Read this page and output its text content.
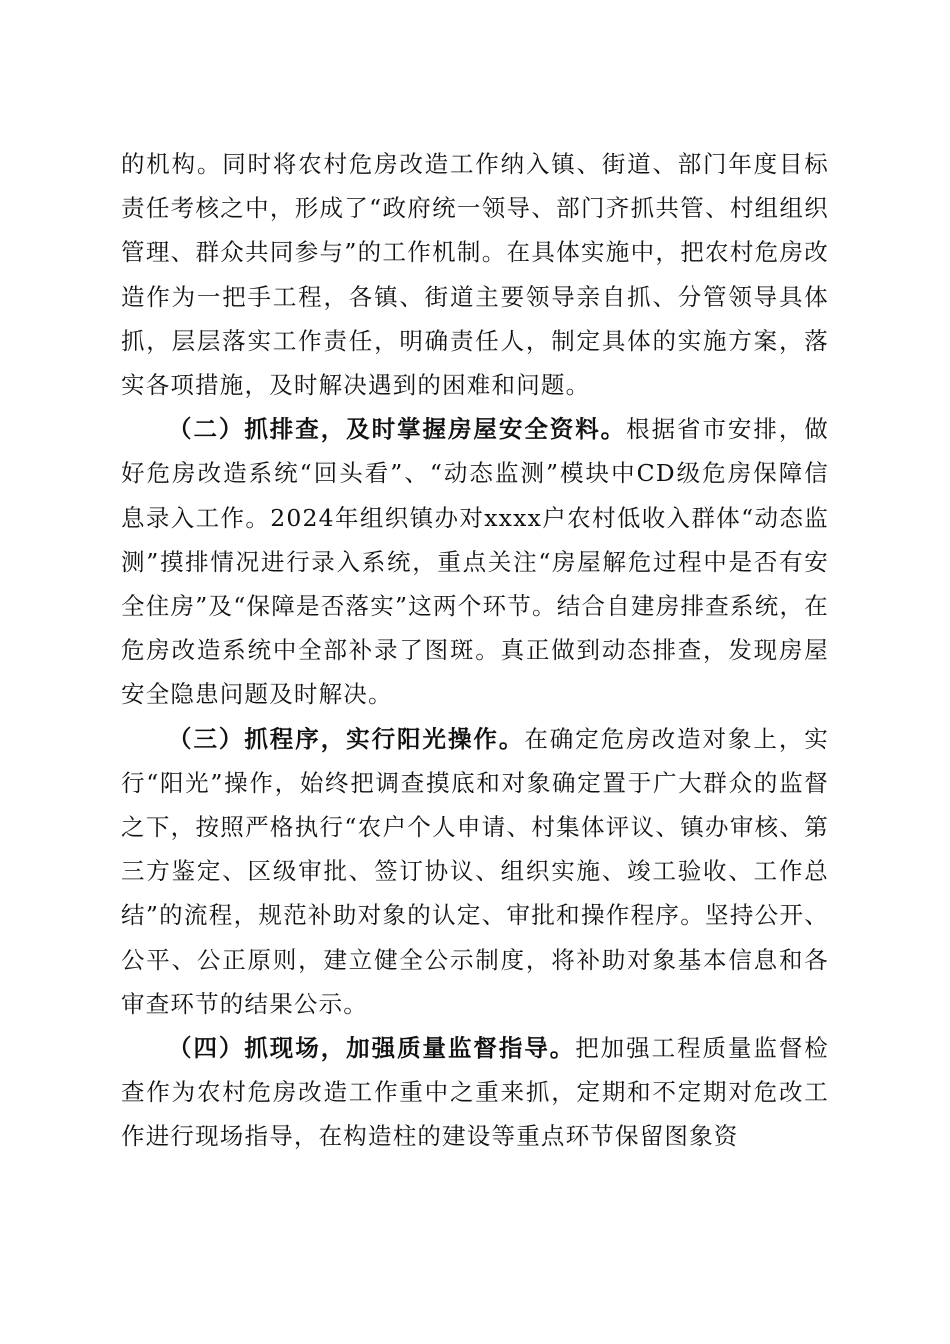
的机构。同时将农村危房改造工作纳入镇、街道、部门年度目标责任考核之中，形成了“政府统一领导、部门齐抓共管、村组组织管理、群众共同参与”的工作机制。在具体实施中，把农村危房改造作为一把手工程，各镇、街道主要领导亲自抓、分管领导具体抓，层层落实工作责任，明确责任人，制定具体的实施方案，落实各项措施，及时解决遇到的困难和问题。

（二）抓排查，及时掌握房屋安全资料。根据省市安排，做好危房改造系统“回头看”、“动态监测”模块中CD级危房保障信息录入工作。2024年组织镇办对xxxx户农村低收入群体“动态监测”摸排情况进行录入系统，重点关注“房屋解危过程中是否有安全住房”及“保障是否落实”这两个环节。结合自建房排查系统，在危房改造系统中全部补录了图斑。真正做到动态排查，发现房屋安全隐患问题及时解决。

（三）抓程序，实行阳光操作。在确定危房改造对象上，实行“阳光”操作，始终把调查摸底和对象确定置于广大群众的监督之下，按照严格执行“农户个人申请、村集体评议、镇办审核、第三方鉴定、区级审批、签订协议、组织实施、竣工验收、工作总结”的流程，规范补助对象的认定、审批和操作程序。坚持公开、公平、公正原则，建立健全公示制度，将补助对象基本信息和各审查环节的结果公示。

（四）抓现场，加强质量监督指导。把加强工程质量监督检查作为农村危房改造工作重中之重来抓，定期和不定期对危改工作进行现场指导，在构造柱的建设等重点环节保留图象资
